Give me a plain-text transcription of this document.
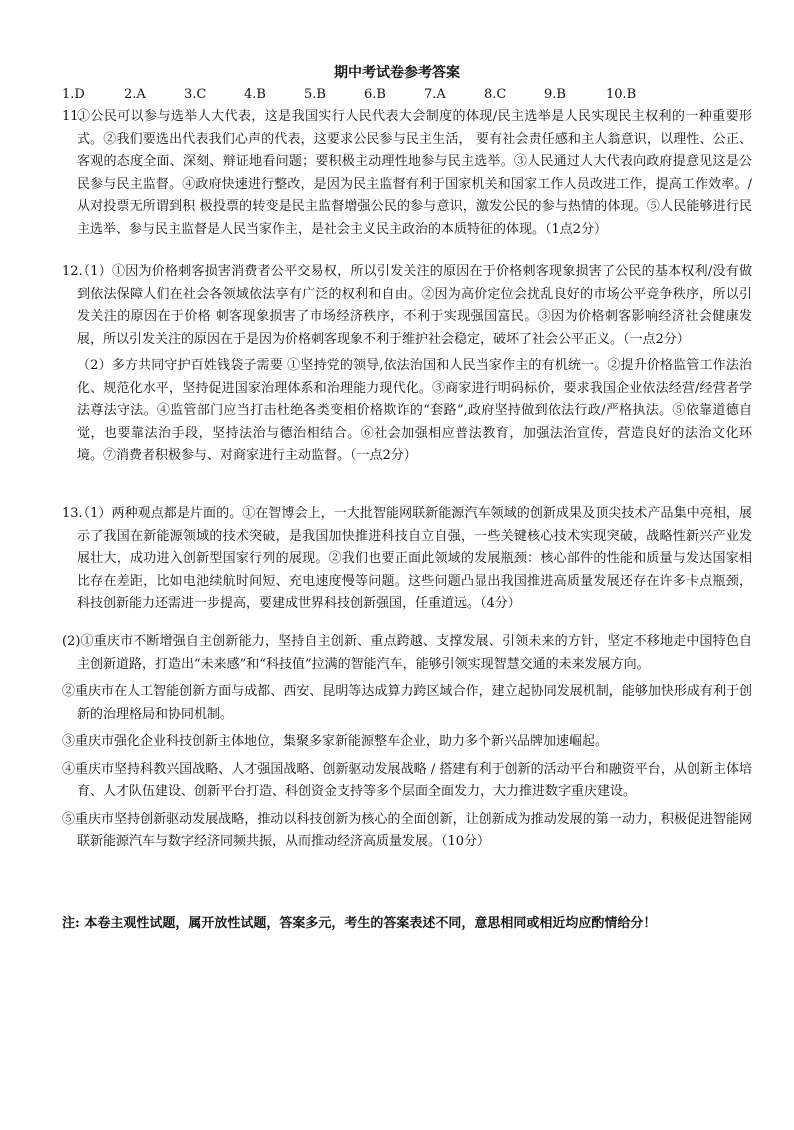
期中考试卷参考答案
1.D	2.A	3.C	4.B	5.B	6.B	7.A	8.C	9.B	10.B
11.
①公民可以参与选举人大代表，这是我国实行人民代表大会制度的体现/民主选举是人民实现民主权利的一种重要形式。②我们要选出代表我们心声的代表，这要求公民参与民主生活， 要有社会责任感和主人翁意识，以理性、公正、客观的态度全面、深刻、辩证地看问题；要积极主动理性地参与民主选举。③人民通过人大代表向政府提意见这是公民参与民主监督。④政府快速进行整改，是因为民主监督有利于国家机关和国家工作人员改进工作，提高工作效率。/从对投票无所谓到积 极投票的转变是民主监督增强公民的参与意识，激发公民的参与热情的体现。⑤人民能够进行民主选举、参与民主监督是人民当家作主，是社会主义民主政治的本质特征的体现。（1点2分）
12.
（1）①因为价格刺客损害消费者公平交易权，所以引发关注的原因在于价格刺客现象损害了公民的基本权利/没有做到依法保障人们在社会各领域依法享有广泛的权利和自由。②因为高价定位会扰乱良好的市场公平竞争秩序，所以引发关注的原因在于价格 刺客现象损害了市场经济秩序，不利于实现强国富民。③因为价格刺客影响经济社会健康发展，所以引发关注的原因在于是因为价格刺客现象不利于维护社会稳定，破坏了社会公平正义。（一点2分）
（2）多方共同守护百姓钱袋子需要 ①坚持党的领导,依法治国和人民当家作主的有机统一。②提升价格监管工作法治化、规范化水平，坚持促进国家治理体系和治理能力现代化。③商家进行明码标价，要求我国企业依法经营/经营者学法尊法守法。④监管部门应当打击杜绝各类变相价格欺诈的“套路”,政府坚持做到依法行政/严格执法。⑤依靠道德自觉，也要靠法治手段，坚持法治与德治相结合。⑥社会加强相应普法教育，加强法治宣传，营造良好的法治文化环境。⑦消费者积极参与、对商家进行主动监督。（一点2分）
13.
（1）两种观点都是片面的。①在智博会上，一大批智能网联新能源汽车领域的创新成果及顶尖技术产品集中亮相，展示了我国在新能源领域的技术突破，是我国加快推进科技自立自强，一些关键核心技术实现突破，战略性新兴产业发展壮大，成功进入创新型国家行列的展现。②我们也要正面此领域的发展瓶颈：核心部件的性能和质量与发达国家相比存在差距，比如电池续航时间短、充电速度慢等问题。这些问题凸显出我国推进高质量发展还存在许多卡点瓶颈，科技创新能力还需进一步提高，要建成世界科技创新强国，任重道远。（4分）
(2)①重庆市不断增强自主创新能力，坚持自主创新、重点跨越、支撑发展、引领未来的方针，坚定不移地走中国特色自主创新道路，打造出“未来感”和“科技值”拉满的智能汽车，能够引领实现智慧交通的未来发展方向。
②重庆市在人工智能创新方面与成都、西安、昆明等达成算力跨区域合作，建立起协同发展机制，能够加快形成有利于创新的治理格局和协同机制。
③重庆市强化企业科技创新主体地位，集聚多家新能源整车企业，助力多个新兴品牌加速崛起。
④重庆市坚持科教兴国战略、人才强国战略、创新驱动发展战略 / 搭建有利于创新的活动平台和融资平台，从创新主体培育、人才队伍建设、创新平台打造、科创资金支持等多个层面全面发力，大力推进数字重庆建设。
⑤重庆市坚持创新驱动发展战略，推动以科技创新为核心的全面创新，让创新成为推动发展的第一动力，积极促进智能网联新能源汽车与数字经济同频共振，从而推动经济高质量发展。（10分）
注: 本卷主观性试题，属开放性试题，答案多元，考生的答案表述不同，意思相同或相近均应酌情给分！
